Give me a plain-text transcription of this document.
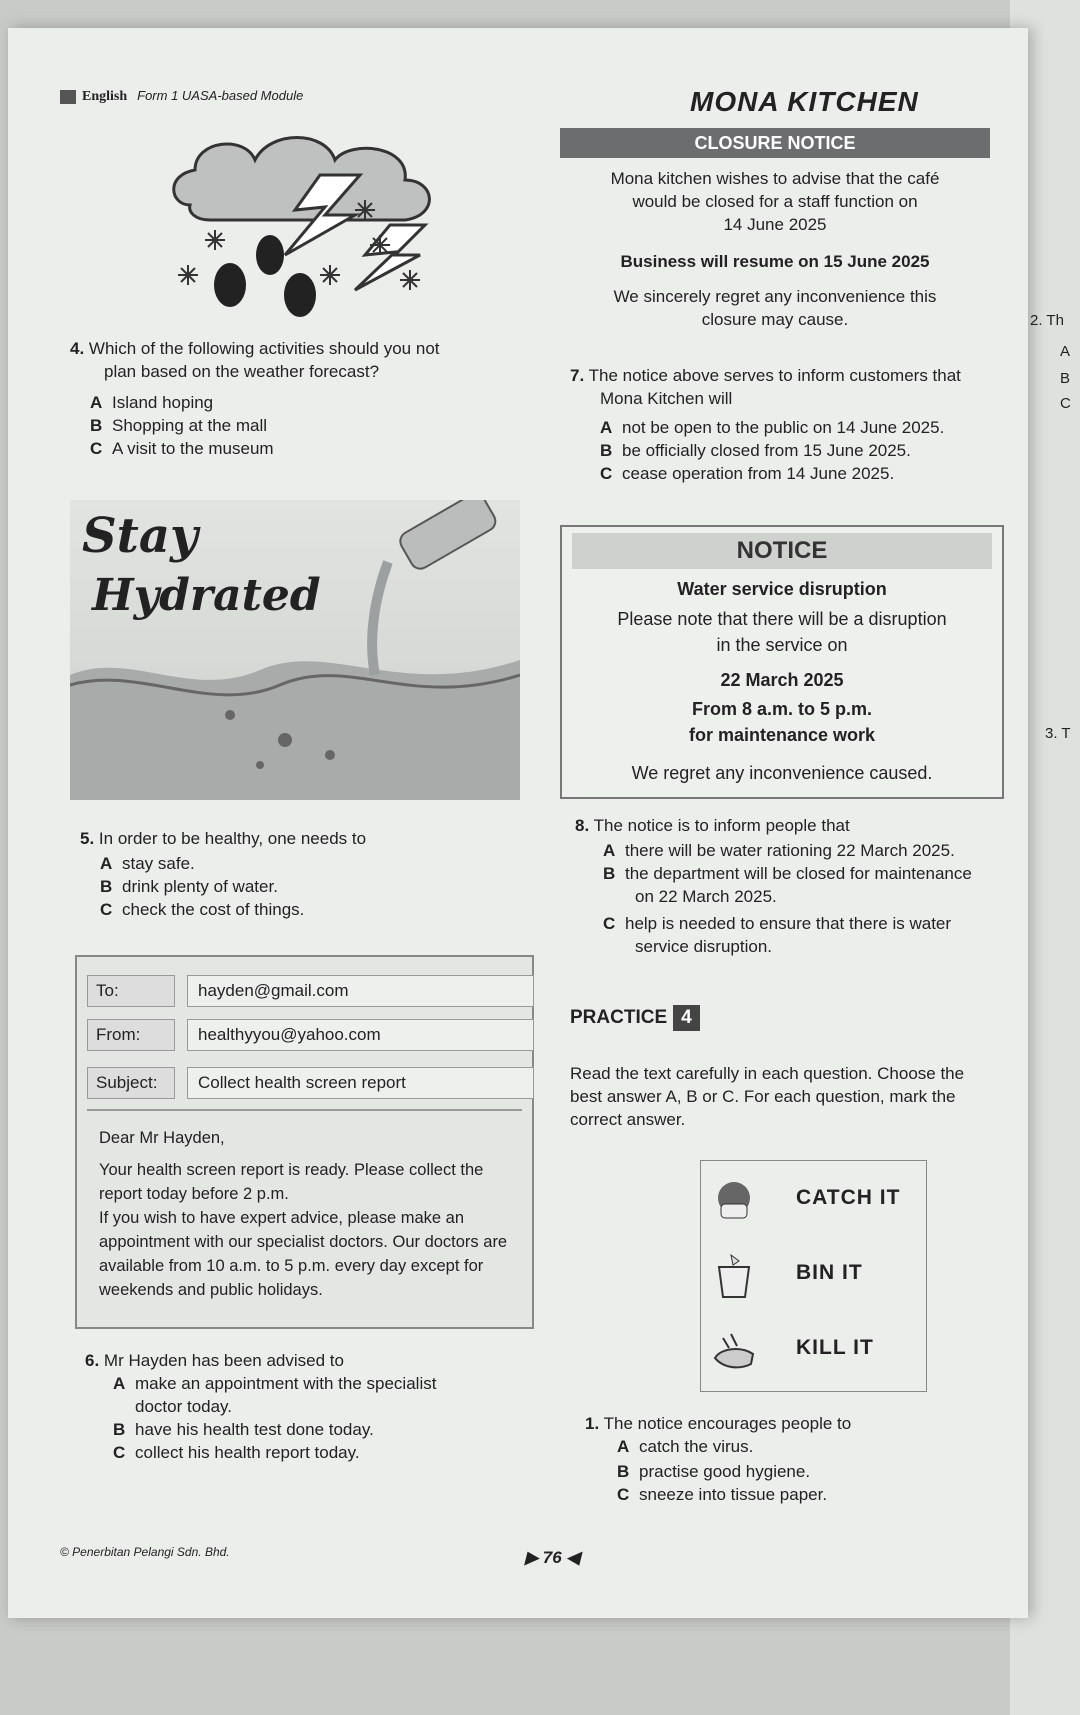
English Form 1 UASA-based Module
4. Which of the following activities should you not
plan based on the weather forecast?
A Island hoping
B Shopping at the mall
C A visit to the museum
MONA KITCHEN
CLOSURE NOTICE
Mona kitchen wishes to advise that the café
would be closed for a staff function on
14 June 2025
Business will resume on 15 June 2025
We sincerely regret any inconvenience this
closure may cause.
7. The notice above serves to inform customers that
Mona Kitchen will
A not be open to the public on 14 June 2025.
B be officially closed from 15 June 2025.
C cease operation from 14 June 2025.
Stay
Hydrated
NOTICE
Water service disruption
Please note that there will be a disruption
in the service on
22 March 2025
From 8 a.m. to 5 p.m.
for maintenance work
We regret any inconvenience caused.
5. In order to be healthy, one needs to
A stay safe.
B drink plenty of water.
C check the cost of things.
8. The notice is to inform people that
A there will be water rationing 22 March 2025.
B the department will be closed for maintenance
on 22 March 2025.
C help is needed to ensure that there is water
service disruption.
To:	hayden@gmail.com
From:	healthyyou@yahoo.com
Subject:	Collect health screen report
Dear Mr Hayden,
Your health screen report is ready. Please collect the report today before 2 p.m.
If you wish to have expert advice, please make an appointment with our specialist doctors. Our doctors are available from 10 a.m. to 5 p.m. every day except for weekends and public holidays.
PRACTICE 4
Read the text carefully in each question. Choose the
best answer A, B or C. For each question, mark the
correct answer.
6. Mr Hayden has been advised to
A make an appointment with the specialist
doctor today.
B have his health test done today.
C collect his health report today.
CATCH IT
BIN IT
KILL IT
1. The notice encourages people to
A catch the virus.
B practise good hygiene.
C sneeze into tissue paper.
© Penerbitan Pelangi Sdn. Bhd.	▶ 76 ◀
2. Th
A
B
C
3. T
